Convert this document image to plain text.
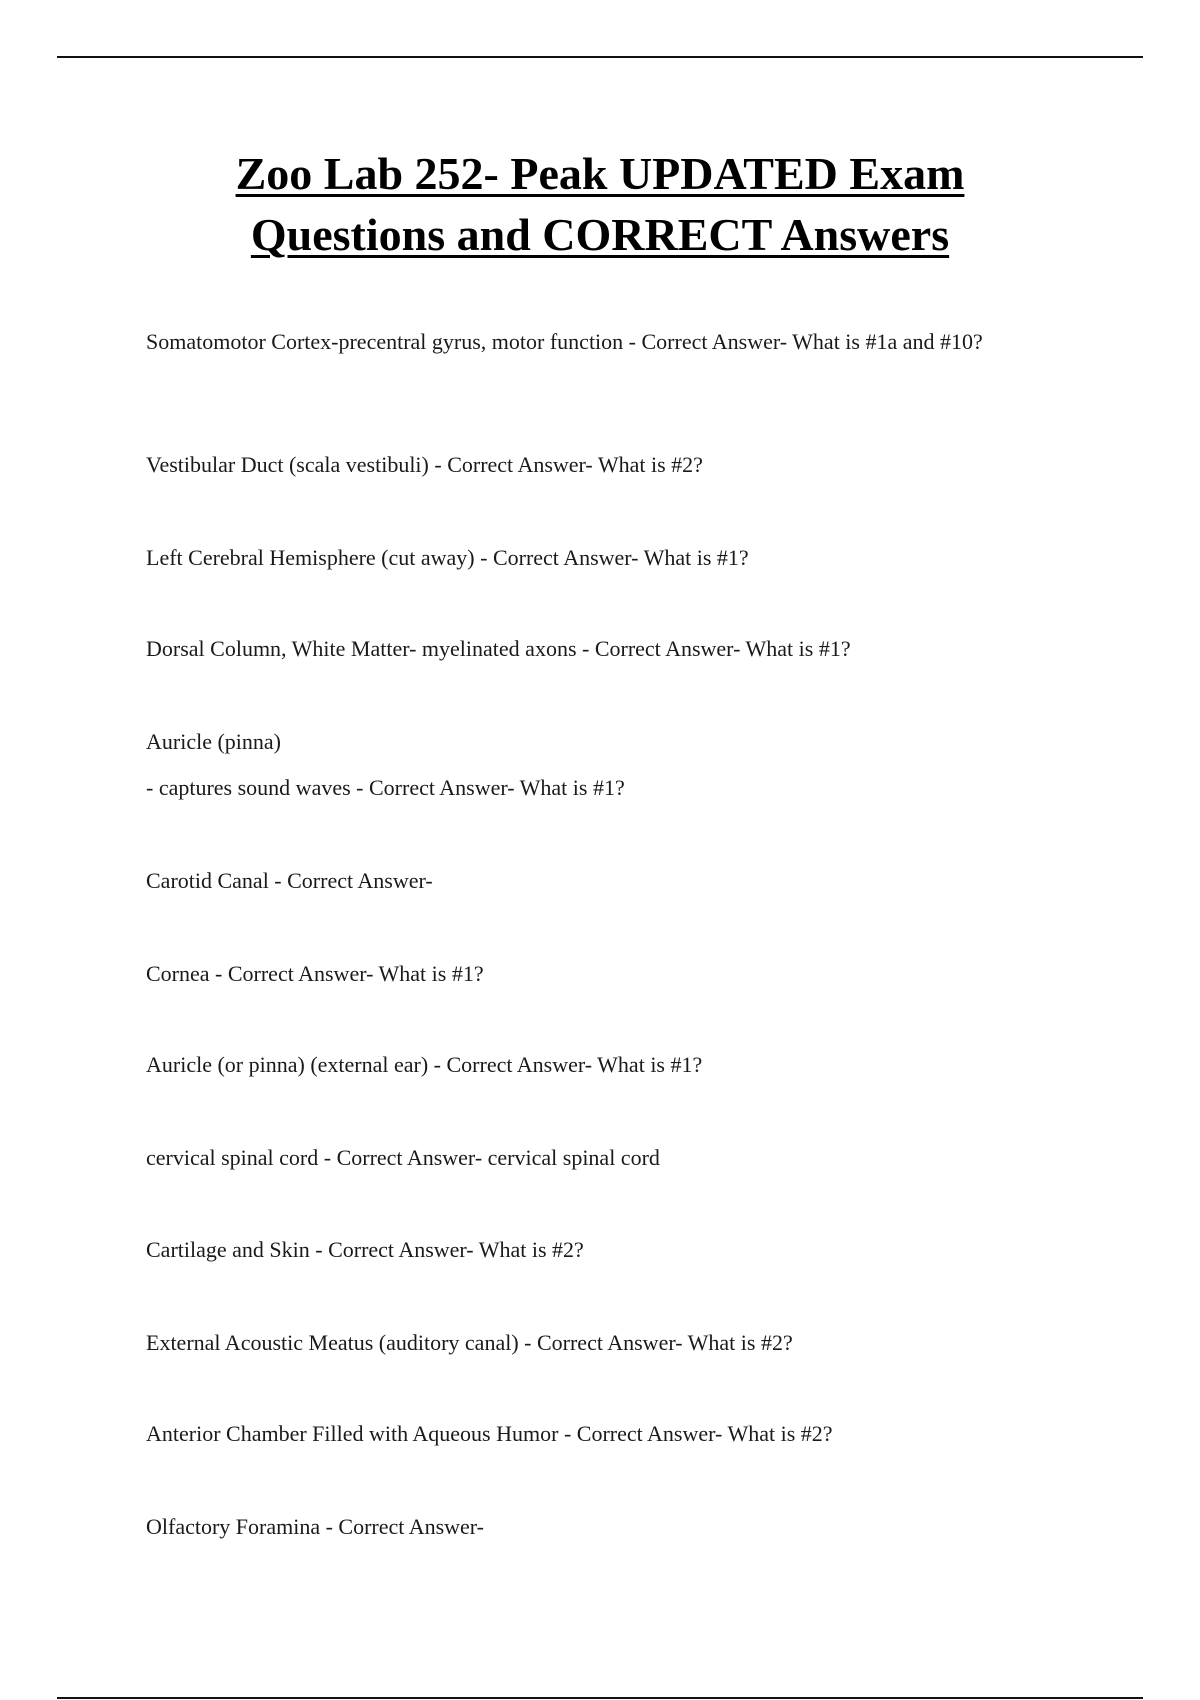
Zoo Lab 252- Peak UPDATED Exam
Questions and CORRECT Answers

Somatomotor Cortex-precentral gyrus, motor function - Correct Answer- What is #1a and #10?

Vestibular Duct (scala vestibuli) - Correct Answer- What is #2?

Left Cerebral Hemisphere (cut away) - Correct Answer- What is #1?

Dorsal Column, White Matter- myelinated axons - Correct Answer- What is #1?

Auricle (pinna)

- captures sound waves - Correct Answer- What is #1?

Carotid Canal - Correct Answer-

Cornea - Correct Answer- What is #1?

Auricle (or pinna) (external ear) - Correct Answer- What is #1?

cervical spinal cord - Correct Answer- cervical spinal cord

Cartilage and Skin - Correct Answer- What is #2?

External Acoustic Meatus (auditory canal) - Correct Answer- What is #2?

Anterior Chamber Filled with Aqueous Humor - Correct Answer- What is #2?

Olfactory Foramina - Correct Answer-
